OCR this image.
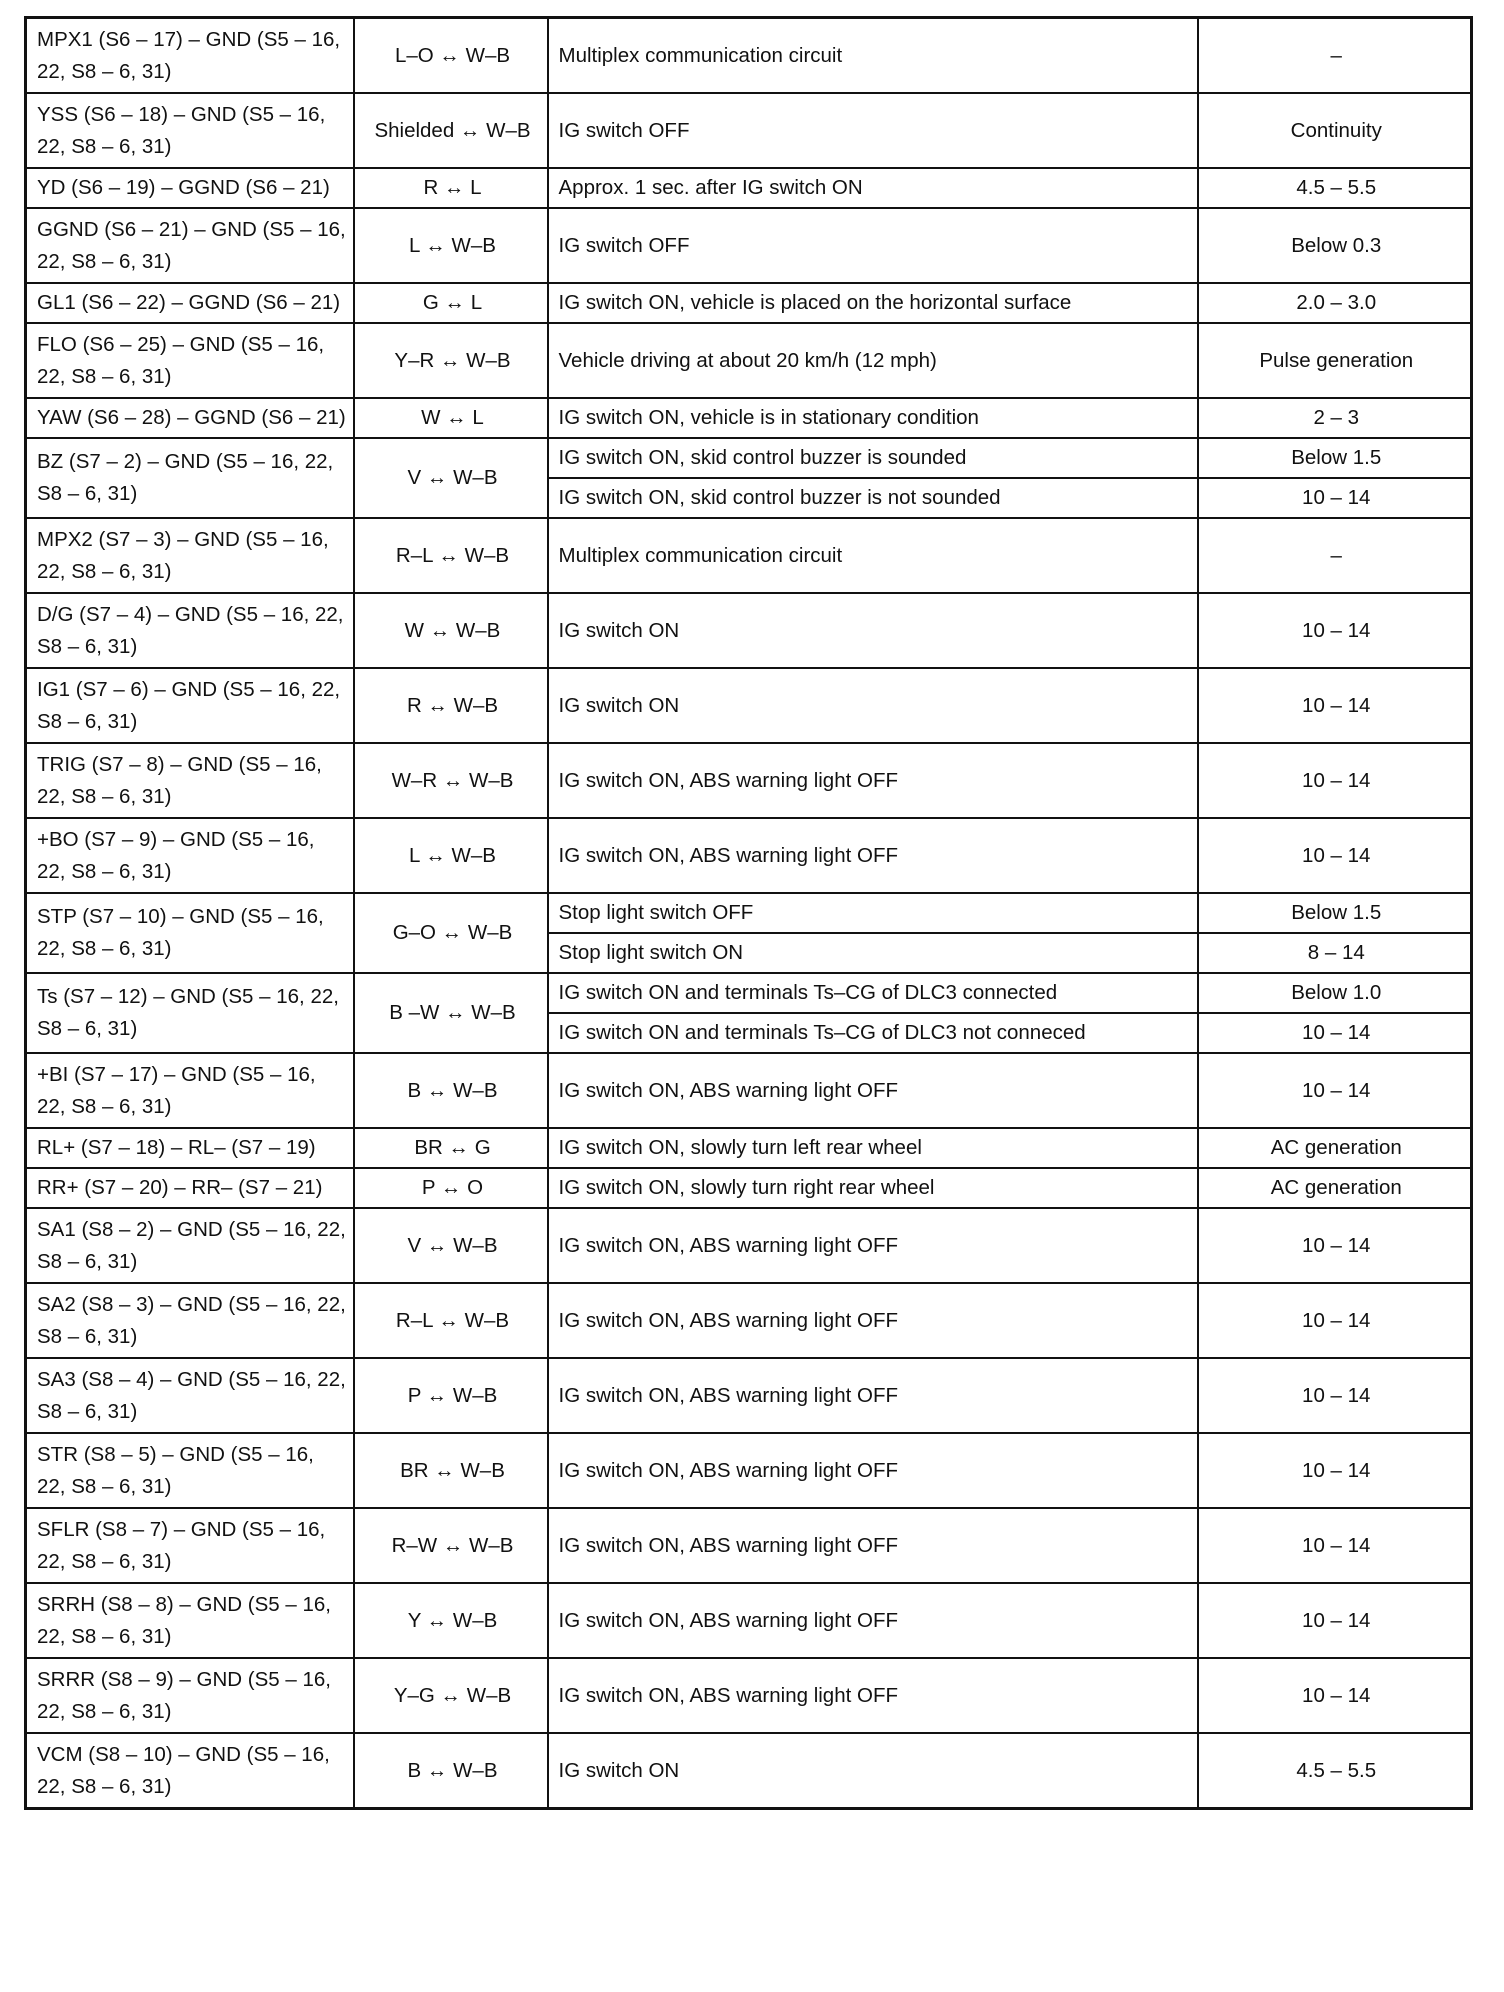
MPX1 (S6 – 17) – GND (S5 – 16, 22, S8 – 6, 31)	L–O ↔ W–B	Multiplex communication circuit	–
YSS (S6 – 18) – GND (S5 – 16, 22, S8 – 6, 31)	Shielded ↔ W–B	IG switch OFF	Continuity
YD (S6 – 19) – GGND (S6 – 21)	R ↔ L	Approx. 1 sec. after IG switch ON	4.5 – 5.5
GGND (S6 – 21) – GND (S5 – 16, 22, S8 – 6, 31)	L ↔ W–B	IG switch OFF	Below 0.3
GL1 (S6 – 22) – GGND (S6 – 21)	G ↔ L	IG switch ON, vehicle is placed on the horizontal surface	2.0 – 3.0
FLO (S6 – 25) – GND (S5 – 16, 22, S8 – 6, 31)	Y–R ↔ W–B	Vehicle driving at about 20 km/h (12 mph)	Pulse generation
YAW (S6 – 28) – GGND (S6 – 21)	W ↔ L	IG switch ON, vehicle is in stationary condition	2 – 3
BZ (S7 – 2) – GND (S5 – 16, 22, S8 – 6, 31)	V ↔ W–B	IG switch ON, skid control buzzer is sounded	Below 1.5
		IG switch ON, skid control buzzer is not sounded	10 – 14
MPX2 (S7 – 3) – GND (S5 – 16, 22, S8 – 6, 31)	R–L ↔ W–B	Multiplex communication circuit	–
D/G (S7 – 4) – GND (S5 – 16, 22, S8 – 6, 31)	W ↔ W–B	IG switch ON	10 – 14
IG1 (S7 – 6) – GND (S5 – 16, 22, S8 – 6, 31)	R ↔ W–B	IG switch ON	10 – 14
TRIG (S7 – 8) – GND (S5 – 16, 22, S8 – 6, 31)	W–R ↔ W–B	IG switch ON, ABS warning light OFF	10 – 14
+BO (S7 – 9) – GND (S5 – 16, 22, S8 – 6, 31)	L ↔ W–B	IG switch ON, ABS warning light OFF	10 – 14
STP (S7 – 10) – GND (S5 – 16, 22, S8 – 6, 31)	G–O ↔ W–B	Stop light switch OFF	Below 1.5
		Stop light switch ON	8 – 14
Ts (S7 – 12) – GND (S5 – 16, 22, S8 – 6, 31)	B –W ↔ W–B	IG switch ON and terminals Ts–CG of DLC3 connected	Below 1.0
		IG switch ON and terminals Ts–CG of DLC3 not conneced	10 – 14
+BI (S7 – 17) – GND (S5 – 16, 22, S8 – 6, 31)	B ↔ W–B	IG switch ON, ABS warning light OFF	10 – 14
RL+ (S7 – 18) – RL– (S7 – 19)	BR ↔ G	IG switch ON, slowly turn left rear wheel	AC generation
RR+ (S7 – 20) – RR– (S7 – 21)	P ↔ O	IG switch ON, slowly turn right rear wheel	AC generation
SA1 (S8 – 2) – GND (S5 – 16, 22, S8 – 6, 31)	V ↔ W–B	IG switch ON, ABS warning light OFF	10 – 14
SA2 (S8 – 3) – GND (S5 – 16, 22, S8 – 6, 31)	R–L ↔ W–B	IG switch ON, ABS warning light OFF	10 – 14
SA3 (S8 – 4) – GND (S5 – 16, 22, S8 – 6, 31)	P ↔ W–B	IG switch ON, ABS warning light OFF	10 – 14
STR (S8 – 5) – GND (S5 – 16, 22, S8 – 6, 31)	BR ↔ W–B	IG switch ON, ABS warning light OFF	10 – 14
SFLR (S8 – 7) – GND (S5 – 16, 22, S8 – 6, 31)	R–W ↔ W–B	IG switch ON, ABS warning light OFF	10 – 14
SRRH (S8 – 8) – GND (S5 – 16, 22, S8 – 6, 31)	Y ↔ W–B	IG switch ON, ABS warning light OFF	10 – 14
SRRR (S8 – 9) – GND (S5 – 16, 22, S8 – 6, 31)	Y–G ↔ W–B	IG switch ON, ABS warning light OFF	10 – 14
VCM (S8 – 10) – GND (S5 – 16, 22, S8 – 6, 31)	B ↔ W–B	IG switch ON	4.5 – 5.5
